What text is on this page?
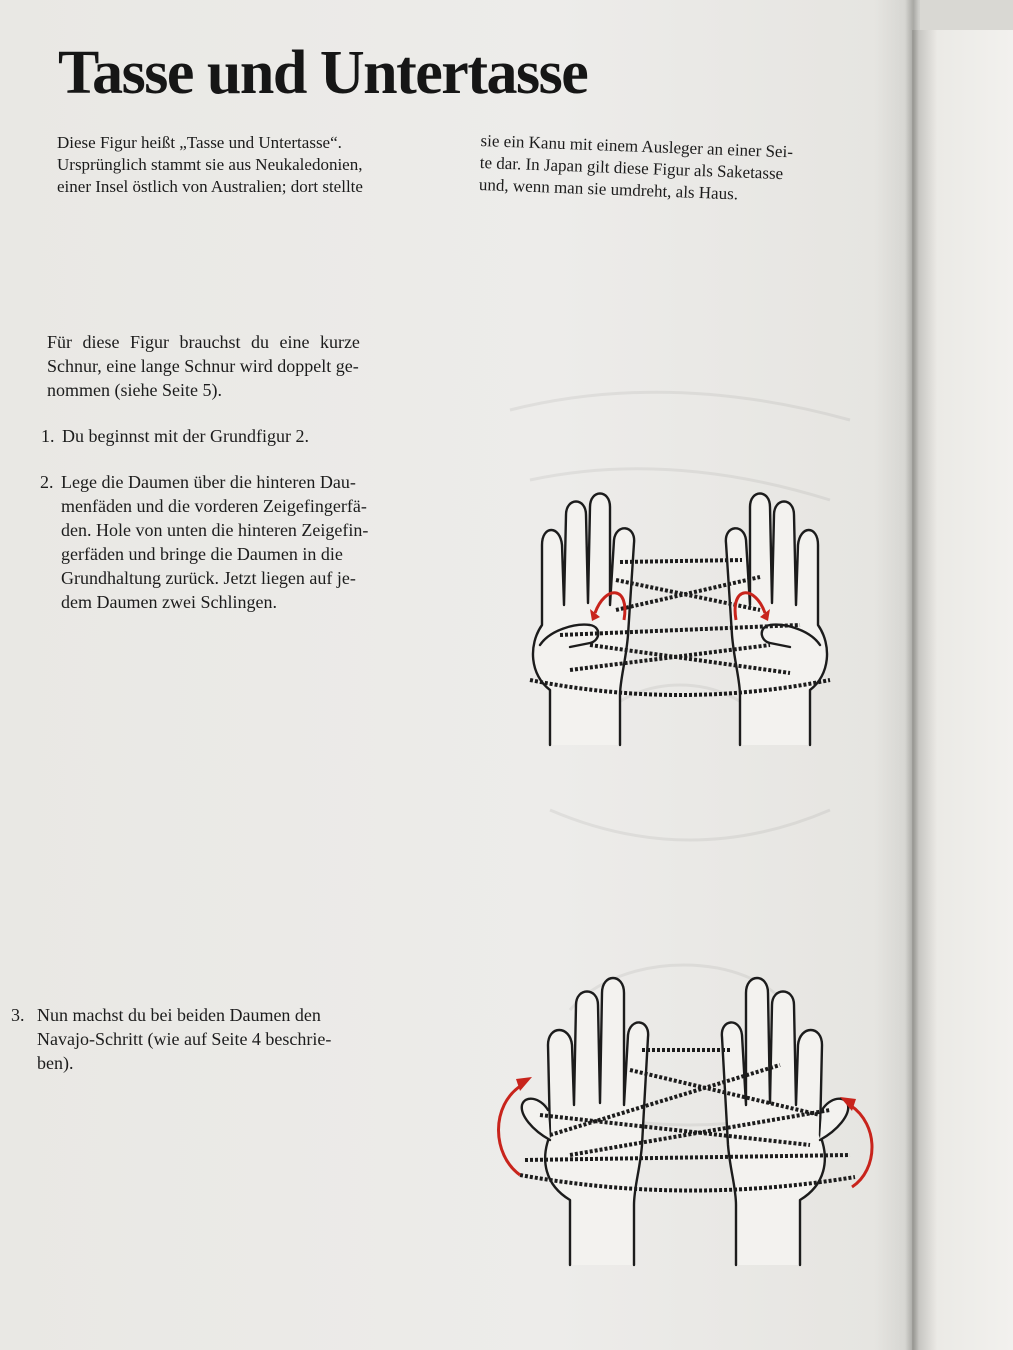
Tasse und Untertasse

Diese Figur heißt „Tasse und Untertasse“.
Ursprünglich stammt sie aus Neukaledonien,
einer Insel östlich von Australien; dort stellte

sie ein Kanu mit einem Ausleger an einer Sei-
te dar. In Japan gilt diese Figur als Saketasse
und, wenn man sie umdreht, als Haus.

Für diese Figur brauchst du eine kurze
Schnur, eine lange Schnur wird doppelt ge-
nommen (siehe Seite 5).

1. Du beginnst mit der Grundfigur 2.
2. Lege die Daumen über die hinteren Dau-
menfäden und die vorderen Zeigefingerfä-
den. Hole von unten die hinteren Zeigefin-
gerfäden und bringe die Daumen in die
Grundhaltung zurück. Jetzt liegen auf je-
dem Daumen zwei Schlingen.
3. Nun machst du bei beiden Daumen den
Navajo-Schritt (wie auf Seite 4 beschrie-
ben).
